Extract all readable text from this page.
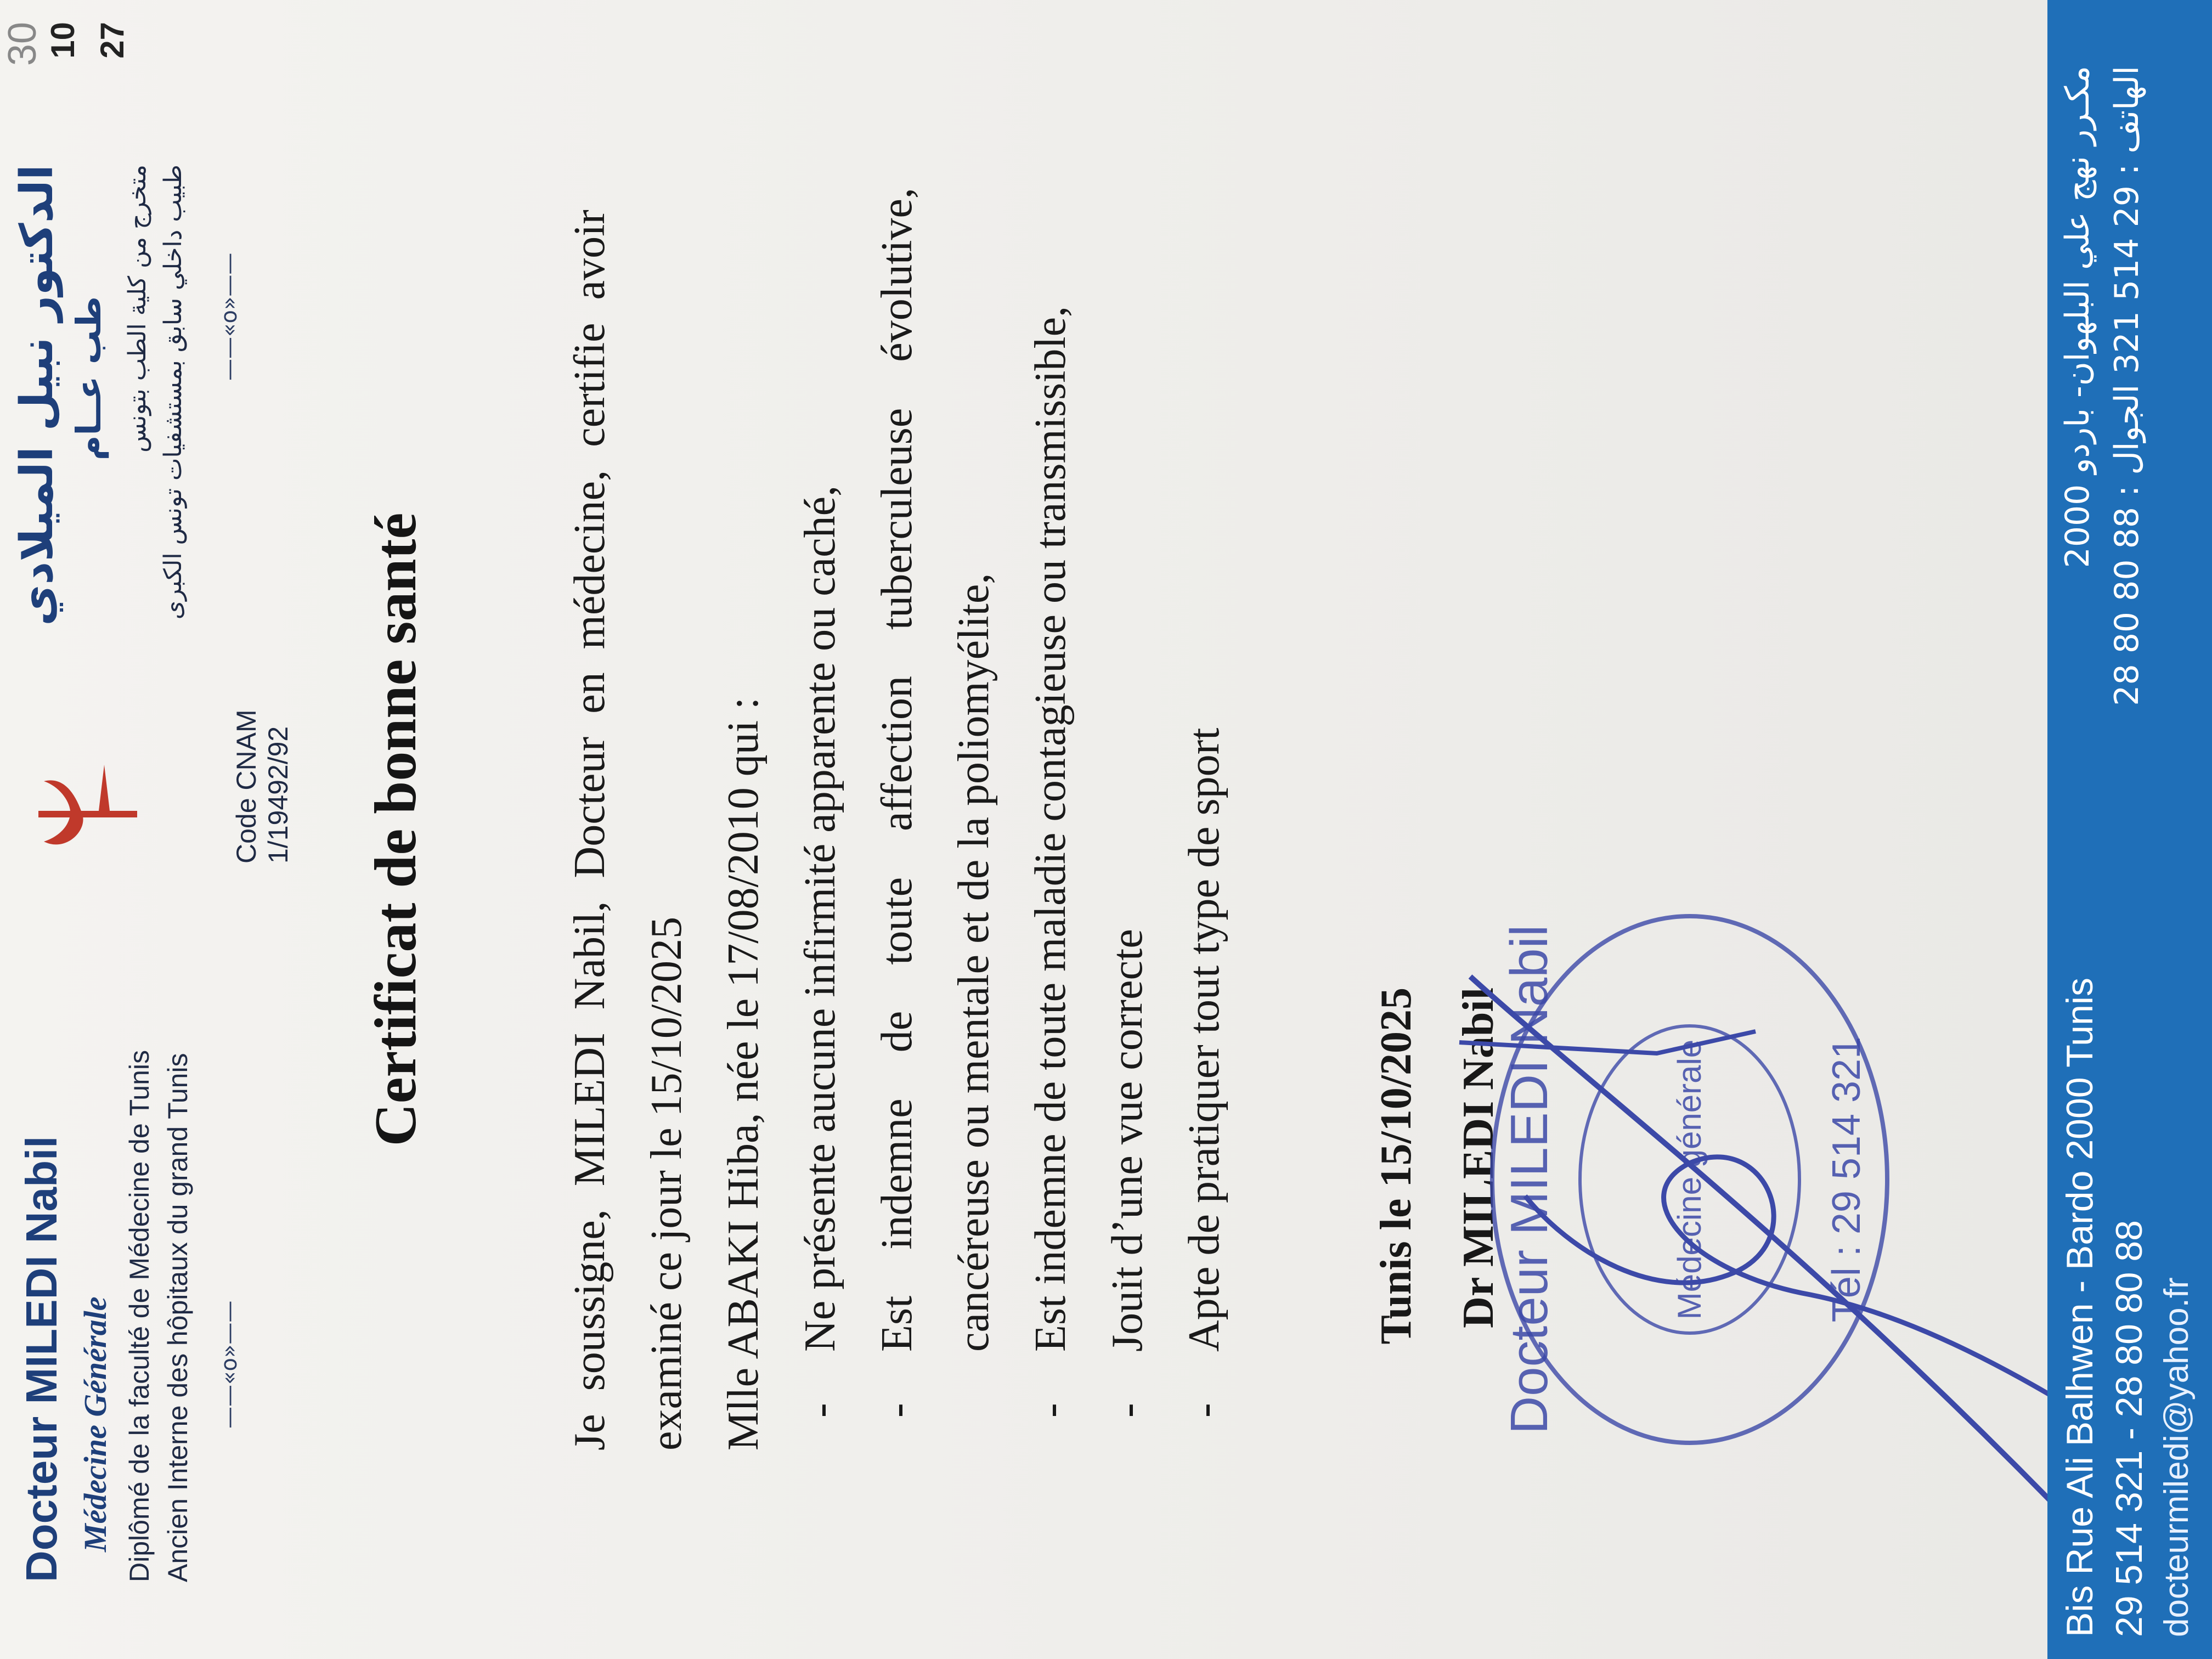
Docteur MILEDI Nabil Médecine Générale Diplômé de la faculté de Médecine de Tunis Ancien Interne des hôpitaux du grand Tunis ——«o»——
Code CNAM 1/19492/92
الدكتور نبيل الميلادي طب عــام متخرج من كلية الطب بتونس طبيب داخلي سابق بمستشفيات تونس الكبرى ——«o»——
30 10 27
Certificat de bonne santé	Je soussigne, MILEDI Nabil, Docteur en médecine, certifie avoir examiné ce jour le 15/10/2025 Mlle ABAKI Hiba, née le 17/08/2010 qui : -
Ne présente aucune infirmité apparente ou caché,
-
Est indemne de toute affection tuberculeuse évolutive, cancéreuse ou mentale et de la poliomyélite,
-
Est indemne de toute maladie contagieuse ou transmissible,
-
Jouit d’une vue correcte
-
Apte de pratiquer tout type de sport	Tunis le 15/10/2025 Dr MILEDI Nabil
Docteur MILEDI Nabil	Médecine générale	Tél : 29 514 321	Bis Rue Ali Balhwen - Bardo 2000 Tunis 29 514 321 - 28 80 80 88 docteurmiledi@yahoo.fr
مكـرر نهج علي البلهوان- باردو 2000
الهاتف : 29 514 321 الجوال : 88 80 80 28
